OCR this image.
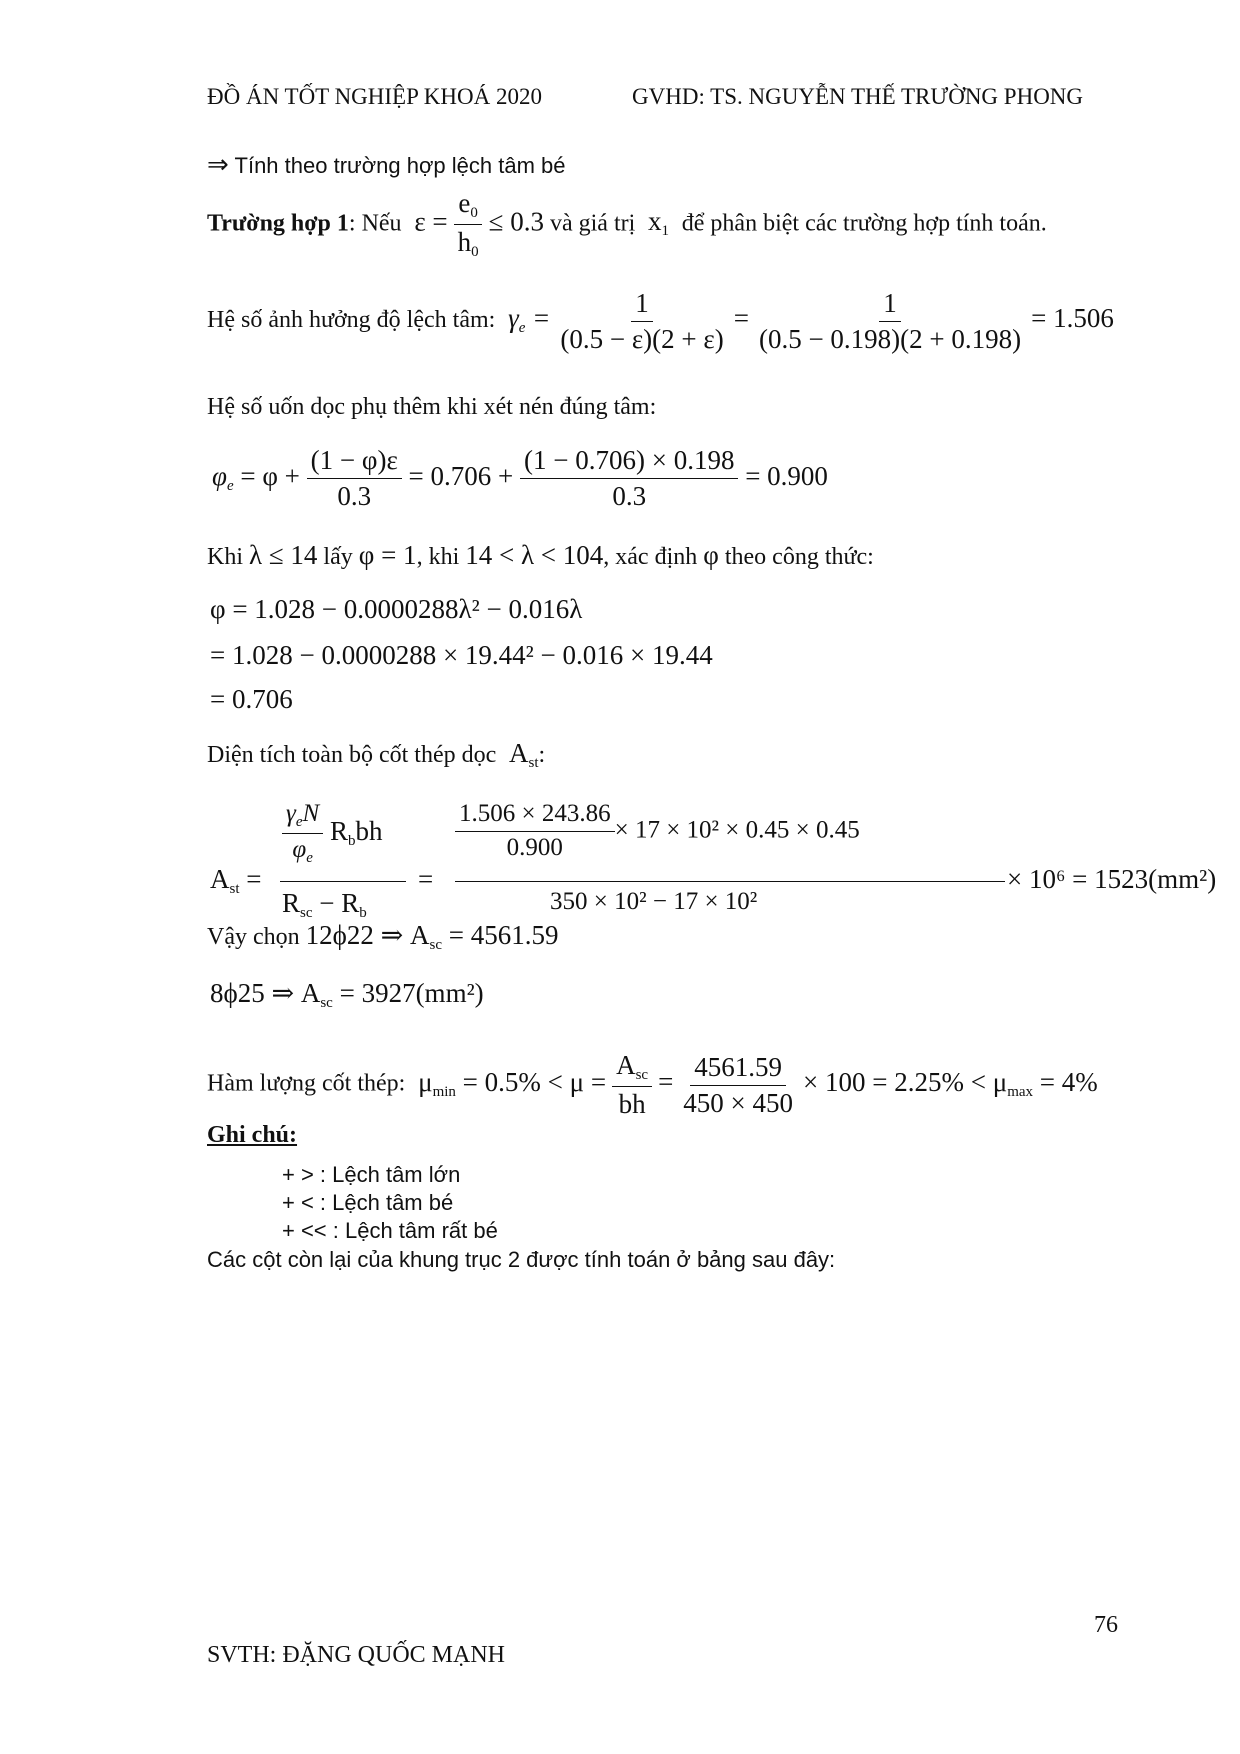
ĐỒ ÁN TỐT NGHIỆP KHOÁ 2020	GVHD: TS. NGUYỄN THẾ TRƯỜNG PHONG
⇒ Tính theo trường hợp lệch tâm bé
Trường hợp 1: Nếu  $\varepsilon = \frac{e_0}{h_0} \le 0.3$ và giá trị  $x_1$ để phân biệt các trường hợp tính toán.
Hệ số ảnh hưởng độ lệch tâm:  $\gamma_e = \frac{1}{(0.5 - \varepsilon)(2 + \varepsilon)} = \frac{1}{(0.5 - 0.198)(2 + 0.198)} = 1.506$
Hệ số uốn dọc phụ thêm khi xét nén đúng tâm:
$\varphi_e = \varphi + \frac{(1 - \varphi)\varepsilon}{0.3} = 0.706 + \frac{(1 - 0.706) \times 0.198}{0.3} = 0.900$
Khi λ ≤ 14 lấy φ = 1, khi 14 < λ < 104, xác định φ theo công thức:
φ = 1.028 − 0.0000288λ² − 0.016λ
= 1.028 − 0.0000288 × 19.44² − 0.016 × 19.44
= 0.706
Diện tích toàn bộ cốt thép dọc $A_{st}$:
$A_{st}$ =
$\frac{\gamma_eN}{\varphi_e} R_bbh$
$R_{sc} - R_b$
=
$\frac{1.506 \times 243.86}{0.900} \times 17 \times 10^2 \times 0.45 \times 0.45$
350 × 10² − 17 × 10²
× 10⁶ = 1523(mm²)
Vậy chọn 12ϕ22 ⇒ $A_{sc} = 4561.59$
8ϕ25 ⇒ $A_{sc} = 3927(mm^2)$
Hàm lượng cốt thép:  $\mu_{min} = 0.5\% < \mu = \frac{A_{sc}}{bh} = \frac{4561.59}{450 \times 450} \times 100 = 2.25\% < \mu_{max} = 4\%$
Ghi chú:
+ > : Lệch tâm lớn
+ < : Lệch tâm bé
+ << : Lệch tâm rất bé
Các cột còn lại của khung trục 2 được tính toán ở bảng sau đây:
76
SVTH: ĐẶNG QUỐC MẠNH
